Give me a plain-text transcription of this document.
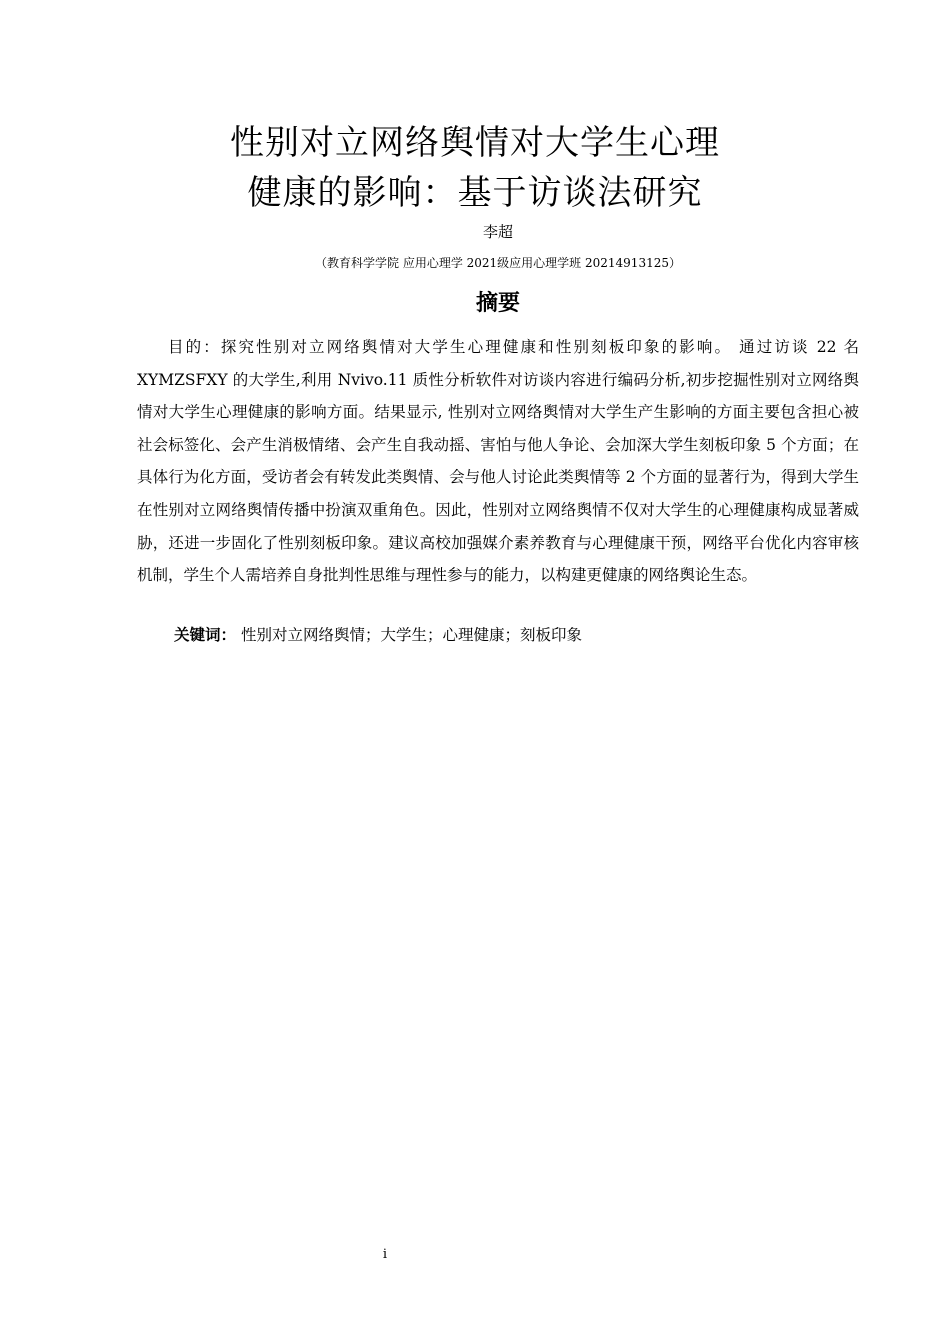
性别对立网络舆情对大学生心理
健康的影响：基于访谈法研究
李超
（教育科学学院 应用心理学 2021级应用心理学班 20214913125）
摘要

目的：探究性别对立网络舆情对大学生心理健康和性别刻板印象的影响。 通过访谈 22 名 XYMZSFXY 的大学生,利用 Nvivo.11 质性分析软件对访谈内容进行编码分析,初步挖掘性别对立网络舆情对大学生心理健康的影响方面。结果显示, 性别对立网络舆情对大学生产生影响的方面主要包含担心被社会标签化、会产生消极情绪、会产生自我动摇、害怕与他人争论、会加深大学生刻板印象 5 个方面；在具体行为化方面，受访者会有转发此类舆情、会与他人讨论此类舆情等 2 个方面的显著行为，得到大学生在性别对立网络舆情传播中扮演双重角色。因此，性别对立网络舆情不仅对大学生的心理健康构成显著威胁，还进一步固化了性别刻板印象。建议高校加强媒介素养教育与心理健康干预，网络平台优化内容审核机制，学生个人需培养自身批判性思维与理性参与的能力，以构建更健康的网络舆论生态。

关键词： 性别对立网络舆情；大学生；心理健康；刻板印象
i
